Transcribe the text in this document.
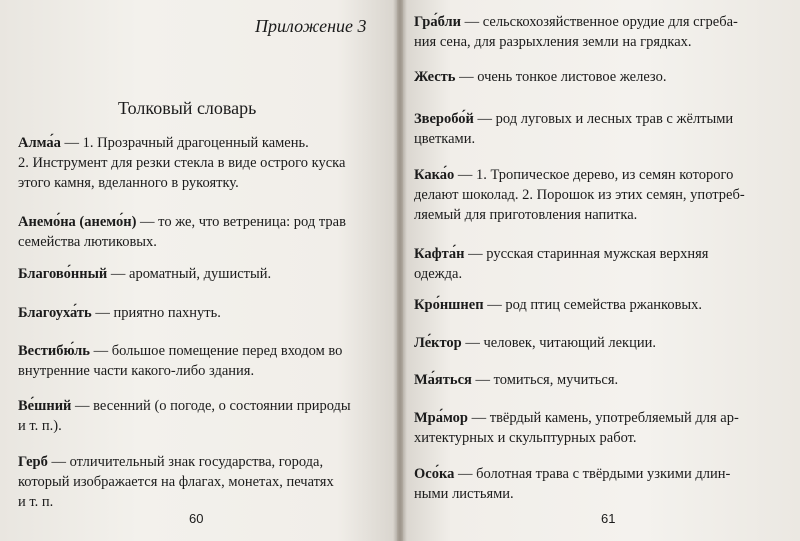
Приложение 3
Толковый словарь
Алма́а — 1. Прозрачный драгоценный камень.
2. Инструмент для резки стекла в виде острого куска
этого камня, вделанного в рукоятку.
Анемо́на (анемо́н) — то же, что ветреница: род трав
семейства лютиковых.
Благово́нный — ароматный, душистый.
Благоуха́ть — приятно пахнуть.
Вестибю́ль — большое помещение перед входом во
внутренние части какого-либо здания.
Ве́шний — весенний (о погоде, о состоянии природы
и т. п.).
Герб — отличительный знак государства, города,
который изображается на флагах, монетах, печатях
и т. п.
60
Гра́бли — сельскохозяйственное орудие для сгреба-
ния сена, для разрыхления земли на грядках.
Жесть — очень тонкое листовое железо.
Зверобо́й — род луговых и лесных трав с жёлтыми
цветками.
Кака́о — 1. Тропическое дерево, из семян которого
делают шоколад. 2. Порошок из этих семян, употреб-
ляемый для приготовления напитка.
Кафта́н — русская старинная мужская верхняя
одежда.
Кро́ншнеп — род птиц семейства ржанковых.
Ле́ктор — человек, читающий лекции.
Ма́яться — томиться, мучиться.
Мра́мор — твёрдый камень, употребляемый для ар-
хитектурных и скульптурных работ.
Осо́ка — болотная трава с твёрдыми узкими длин-
ными листьями.
61
